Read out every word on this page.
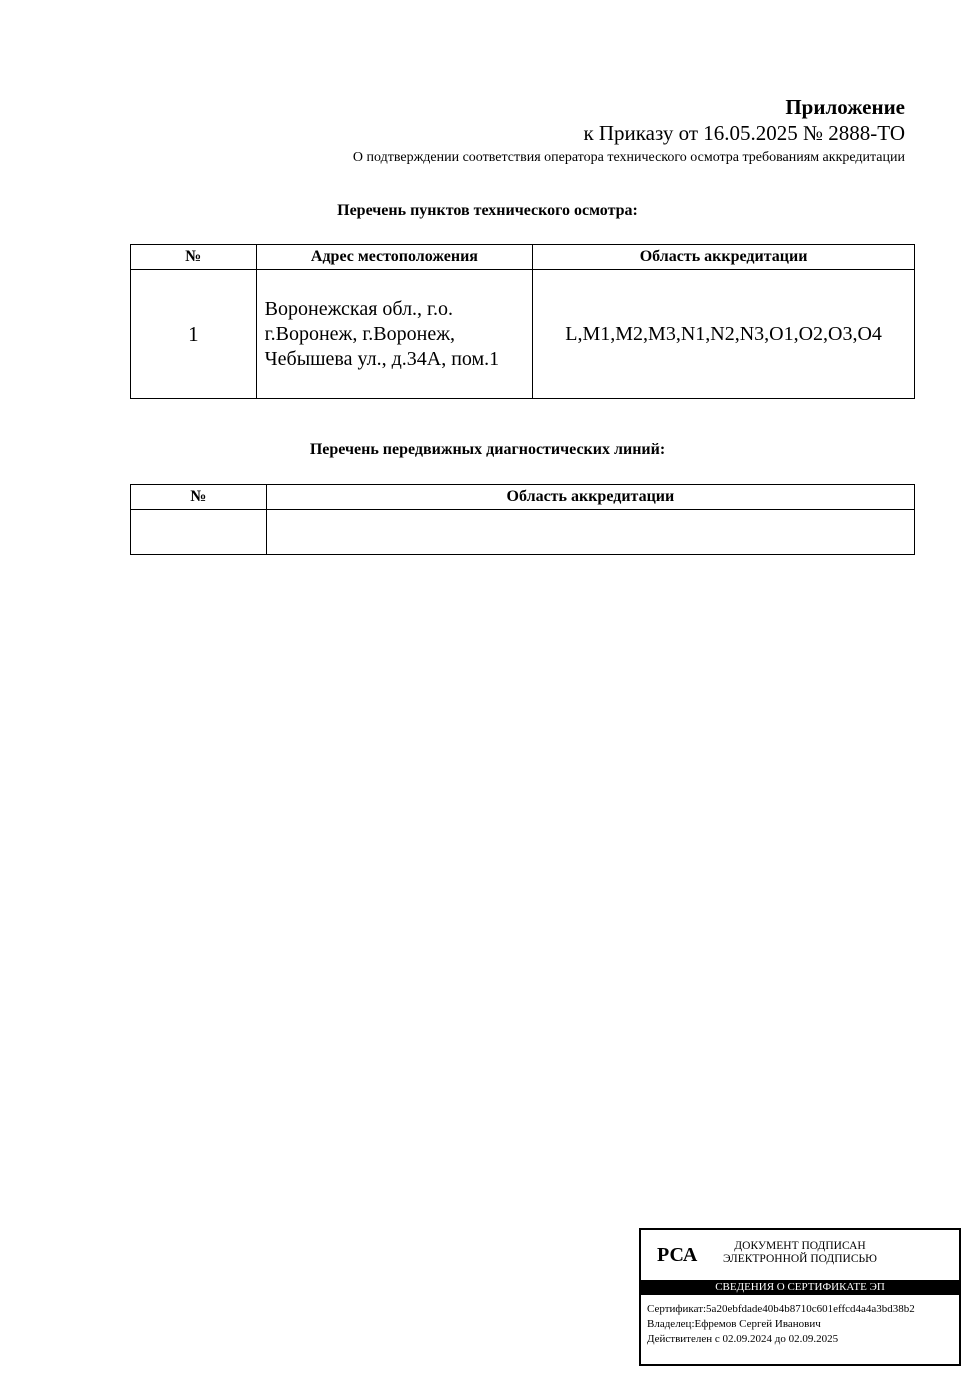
Приложение
к Приказу от 16.05.2025 № 2888-ТО
О подтверждении соответствия оператора технического осмотра требованиям аккредитации
Перечень пунктов технического осмотра:
№	Адрес местоположения	Область аккредитации
1	Воронежская обл., г.о. г.Воронеж, г.Воронеж, Чебышева ул., д.34А, пом.1	L,M1,M2,M3,N1,N2,N3,O1,O2,O3,O4
Перечень передвижных диагностических линий:
№	Область аккредитации

РСА	ДОКУМЕНТ ПОДПИСАН
ЭЛЕКТРОННОЙ ПОДПИСЬЮ
СВЕДЕНИЯ О СЕРТИФИКАТЕ ЭП
Сертификат:5a20ebfdade40b4b8710c601effcd4a4a3bd38b2
Владелец:Ефремов Сергей Иванович
Действителен с 02.09.2024 до 02.09.2025
